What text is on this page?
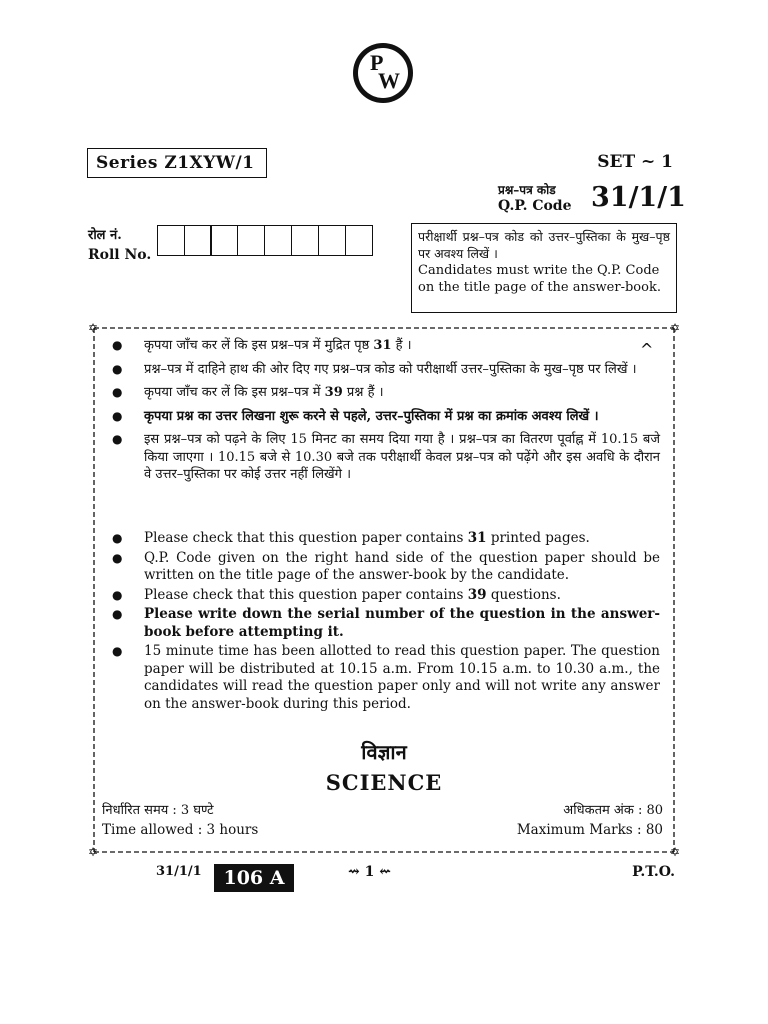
P
W
Series Z1XYW/1	SET ~ 1
प्रश्न–पत्र कोड
Q.P. Code 31/1/1
रोल नं.
Roll No.
परीक्षार्थी प्रश्न–पत्र कोड को उत्तर–पुस्तिका के मुख–पृष्ठ पर अवश्य लिखें ।
Candidates must write the Q.P. Code on the title page of the answer-book.
✡	✡
✡	✡
^
● कृपया जाँच कर लें कि इस प्रश्न–पत्र में मुद्रित पृष्ठ 31 हैं ।
● प्रश्न–पत्र में दाहिने हाथ की ओर दिए गए प्रश्न–पत्र कोड को परीक्षार्थी उत्तर–पुस्तिका के मुख–पृष्ठ पर लिखें ।
● कृपया जाँच कर लें कि इस प्रश्न–पत्र में 39 प्रश्न हैं ।
● कृपया प्रश्न का उत्तर लिखना शुरू करने से पहले, उत्तर–पुस्तिका में प्रश्न का क्रमांक अवश्य लिखें ।
● इस प्रश्न–पत्र को पढ़ने के लिए 15 मिनट का समय दिया गया है । प्रश्न–पत्र का वितरण पूर्वाह्न में 10.15 बजे किया जाएगा । 10.15 बजे से 10.30 बजे तक परीक्षार्थी केवल प्रश्न–पत्र को पढ़ेंगे और इस अवधि के दौरान वे उत्तर–पुस्तिका पर कोई उत्तर नहीं लिखेंगे ।
● Please check that this question paper contains 31 printed pages.
● Q.P. Code given on the right hand side of the question paper should be written on the title page of the answer-book by the candidate.
● Please check that this question paper contains 39 questions.
● Please write down the serial number of the question in the answer-book before attempting it.
● 15 minute time has been allotted to read this question paper. The question paper will be distributed at 10.15 a.m. From 10.15 a.m. to 10.30 a.m., the candidates will read the question paper only and will not write any answer on the answer-book during this period.
विज्ञान
SCIENCE
निर्धारित समय : 3 घण्टे
Time allowed : 3 hours
अधिकतम अंक : 80
Maximum Marks : 80
31/1/1 106 A	⇝ 1 ⇜	P.T.O.
